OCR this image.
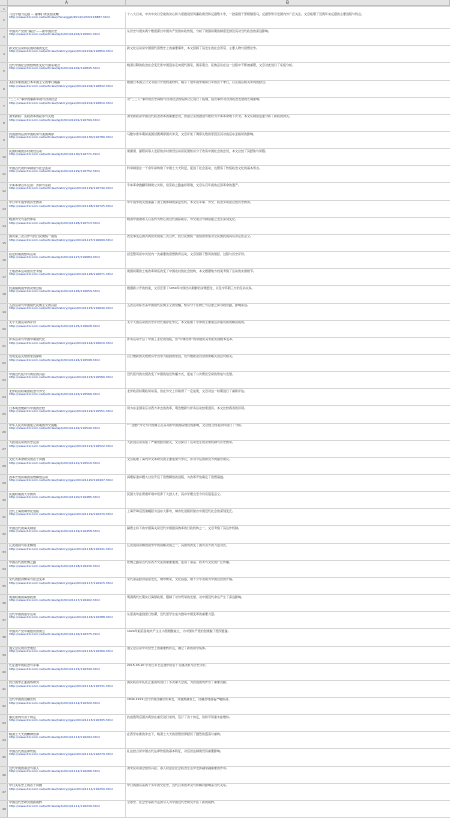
A	B
1
2
3
4
5
6
7
8
9
10
11
12
13
14
15
16
17
18
19
20
21
22
23
24
25
26
27
28
29
30
31
32
33
34
35
36
37
38
39
40
41
42
43
44
45
46
47
48
习近平强力反腐 — 重拳打老虎拍苍蝇
http://www.21ccom.net/articles/china/ggzl/2014/1203/116887.html
十八大以来，中共中央以空前的决心和力度推进党风廉政建设和反腐败斗争，一批高级干部相继落马，反腐形势引发国内外广泛关注。文章梳理了近两年来反腐的主要进程与特点。
中国共产党的“基因”——新中国历史
http://www.21ccom.net/articles/lsjd/2014/1203/116901.html
从历史与现实两个维度探讨中国共产党的执政传统，分析了建国初期的制度安排及其对当代政治的深远影响。
新文化运动和民国时期的变迁
http://www.21ccom.net/articles/history/zgsx/2014/1202/116850.html
新文化运动是中国现代思想史上的重要事件，本文回顾了其发生的社会背景、主要人物与思想论争。
近代中国社会的结构性变化与国家观念
http://www.21ccom.net/articles/lsjd/2014/1202/116845.html
晚清以降的政治社会变迁使中国逐步走向现代国家，国家观念、民族意识在这一过程中不断被重塑，文章对此进行了系统分析。
邓拉多斯的美日本军国主义的罪行揭露
http://www.21ccom.net/articles/history/zgsx/2014/1202/116832.html
根据日本国立公文书馆公开的档案材料，揭示了侵华战争期间日军的若干罪行，以及战后相关审判的经过。
“二二八”事件的重新审视与台湾社会
http://www.21ccom.net/articles/history/zgsx/2014/1201/116810.html
对“二二八”事件的历史真相与台湾社会的集体记忆进行了梳理，指出事件对台湾政治发展的长期影响。
清末新政：宪政改革的起步与失败
http://www.21ccom.net/articles/lsjd/2014/1201/116799.html
清末新政是中国近代政治改革的重要尝试，预备立宪的推进与挫折为辛亥革命埋下伏笔。本文从制度层面分析了新政的得失。
抗战胜利后的中国政局与美国调停
http://www.21ccom.net/articles/history/zgsx/2014/1130/116780.html
马歇尔使华期间美国试图调停国共冲突，文章评述了调停失败的原因及其对战后东亚格局的影响。
民国时期的乡村建设运动
http://www.21ccom.net/articles/lsjd/2014/1130/116771.html
梁漱溟、晏阳初等人发起的乡村建设运动是民国知识分子改造中国社会的尝试，本文总结了其经验与局限。
中国古代的科举制度与社会流动
http://www.21ccom.net/articles/lsjd/2014/1129/116752.html
科举制度在一千余年间构建了中国士大夫阶层，促进了社会流动，也塑造了传统政治文化的基本形态。
辛亥革命百年反思：共和与宪政
http://www.21ccom.net/articles/history/zgsx/2014/1129/116740.html
辛亥革命推翻帝制建立共和，但宪政之路曲折艰难，文章从百年视角反思革命的遗产。
中日甲午战争的历史教训
http://www.21ccom.net/articles/history/zgsx/2014/1128/116725.html
甲午战争的失败暴露了清王朝体制的深层危机，本文从军事、外交、政治多角度总结历史教训。
晚清外交与条约体系
http://www.21ccom.net/articles/lsjd/2014/1128/116713.html
晚清中国被卷入以条约为核心的近代国际秩序，外交观念与制度随之发生深刻变化。
国共第二次合作与抗日民族统一战线
http://www.21ccom.net/articles/history/zgsx/2014/1127/116699.html
西安事变后国共两党实现第二次合作，抗日民族统一战线的形成对全民族抗战具有决定性意义。
延安时期的整风运动
http://www.21ccom.net/articles/lsjd/2014/1127/116684.html
延安整风是中共党内一次重要的思想教育运动，文章回顾了整风的缘起、过程与历史评价。
土地改革运动的历史考察
http://www.21ccom.net/articles/history/zgsx/2014/1126/116671.html
建国初期的土地改革彻底改变了中国农村的社会结构，本文根据地方档案考察了运动的实施细节。
抗美援朝战争的决策过程
http://www.21ccom.net/articles/lsjd/2014/1126/116659.html
根据新公开的档案，文章还原了1950年中国出兵朝鲜的决策经过，以及中苏朝三方的互动关系。
五四运动与中国现代民族主义的兴起
http://www.21ccom.net/articles/history/zgsx/2014/1125/116640.html
五四运动标志着中国现代民族主义的觉醒，知识分子在救亡与启蒙之间寻找出路，影响深远。
太平天国运动再评价
http://www.21ccom.net/articles/lsjd/2014/1125/116628.html
太平天国运动的历史评价长期存在争议，本文梳理了学界的主要观点并提出新的解读视角。
洋务运动与中国早期现代化
http://www.21ccom.net/articles/history/zgsx/2014/1124/116610.html
洋务运动开启了中国工业化的进程，但“中体西用”的局限使其未能实现根本变革。
戊戌变法失败的原因探析
http://www.21ccom.net/articles/lsjd/2014/1124/116598.html
百日维新的失败既有守旧势力阻挠的原因，也与维新派自身的策略失误密切相关。
中国近代报刊与舆论的兴起
http://www.21ccom.net/articles/history/zgsx/2014/1123/116580.html
近代报刊的出现改变了中国的信息传播方式，促成了公共舆论空间的形成与发展。
北洋政府时期的政治与外交
http://www.21ccom.net/articles/lsjd/2014/1123/116566.html
北洋政府时期政局动荡，但在外交上仍取得了一定成果，文章对这一时期进行了重新评估。
日本明治维新与中国的比较
http://www.21ccom.net/articles/history/zgsx/2014/1122/116551.html
同为东亚国家应对西方冲击的改革，明治维新与洋务运动结果迥异，本文比较两者的异同。
中华人民共和国成立初期的外交战略
http://www.21ccom.net/articles/lsjd/2014/1122/116540.html
“一边倒”外交方针的确立及其对新中国国际地位的影响，文章结合档案资料进行了分析。
大跃进运动的历史反思
http://www.21ccom.net/articles/history/zgsx/2014/1121/116522.html
大跃进运动造成了严重的经济损失，文章探讨了运动发生的决策机制与历史教训。
文化大革命研究的若干问题
http://www.21ccom.net/articles/lsjd/2014/1121/116510.html
文章梳理了海内外文革研究的主要成果与争议，并对今后的研究方向提出建议。
改革开放初期的思想解放运动
http://www.21ccom.net/articles/history/zgsx/2014/1120/116497.html
真理标准问题大讨论开启了思想解放的进程，为改革开放奠定了思想基础。
民国时期的大学教育
http://www.21ccom.net/articles/lsjd/2014/1120/116485.html
民国大学在艰难环境中培养了大批人才，其办学理念至今仍有借鉴意义。
近代上海的城市化进程
http://www.21ccom.net/articles/history/zgsx/2014/1119/116470.html
上海开埠后迅速崛起为远东大都市，城市化进程折射出中国近代社会的深刻变迁。
中国近代的海关制度
http://www.21ccom.net/articles/lsjd/2014/1119/116458.html
赫德主持下的中国海关是近代中国最具效率的行政机构之一，文章考察了其运作机制。
辽沈战役与东北解放
http://www.21ccom.net/articles/history/zgsx/2014/1118/116441.html
辽沈战役是解放战争中的战略决战之一，其胜利改变了国共双方的力量对比。
中国古代的丝绸之路
http://www.21ccom.net/articles/lsjd/2014/1118/116430.html
丝绸之路是古代东西方交流的重要通道，促进了商品、技术与文化的广泛传播。
宋代的经济繁荣与社会变革
http://www.21ccom.net/articles/history/zgsx/2014/1117/116415.html
宋代商品经济高度发达，城市繁荣，文化昌盛，被不少学者视为中国近世的开端。
明清时期的海禁政策
http://www.21ccom.net/articles/lsjd/2014/1117/116402.html
明清两代长期实行海禁政策，限制了对外贸易的发展，对中国近代命运产生了深远影响。
近代中国的留学运动
http://www.21ccom.net/articles/history/zgsx/2014/1116/116388.html
从留美幼童到留日热潮，近代留学生成为推动中国变革的重要力量。
中国共产党早期组织的建立
http://www.21ccom.net/articles/lsjd/2014/1116/116375.html
1920年前后各地共产主义小组相继成立，为中国共产党的创建做了组织准备。
遵义会议的历史地位
http://www.21ccom.net/articles/history/zgsx/2014/1115/116360.html
遵义会议是中共党史上的重要转折点，确立了新的领导集体。
长征途中的政治与军事
http://www.21ccom.net/articles/lsjd/2014/1115/116349.html
2015-03-20 中央红军长征途中的若干关键决策与历史评价。
抗日战争正面战场研究
http://www.21ccom.net/articles/history/zgsx/2014/1114/116331.html
国民政府军队在正面战场进行了多次重大会战，为抗战胜利作出了重要贡献。
近代中国的边疆危机
http://www.21ccom.net/articles/lsjd/2014/1114/116320.html
1840-1919 近代中国边疆危机频发，列强觊觎领土，边疆治理面临严峻挑战。
重庆谈判与双十协定
http://www.21ccom.net/articles/history/zgsx/2014/1113/116305.html
抗战胜利后国共两党在重庆进行谈判，签订了双十协定，但和平局面未能维持。
晚清士大夫的精神世界
http://www.21ccom.net/articles/lsjd/2014/1113/116294.html
在西学东渐的冲击下，晚清士大夫的思想世界经历了剧烈的震荡与重构。
中国古代的法律传统
http://www.21ccom.net/articles/history/zgsx/2014/1112/116279.html
礼法结合是中国古代法律传统的基本特征，对后世法制建设有重要影响。
近代中国的商会与商人
http://www.21ccom.net/articles/lsjd/2014/1112/116266.html
清末民初商会组织兴起，商人阶层在社会政治生活中发挥越来越重要的作用。
中日关系史上的若干问题
http://www.21ccom.net/articles/history/zgsx/2014/1111/116250.html
中日两国有着两千多年的交往史，近代以来的冲突与和解仍影响着当代关系。
中国近代史研究的新视野
http://www.21ccom.net/articles/lsjd/2014/1111/116239.html
全球史、社会史等新方法的引入为中国近代史研究开拓了新的视野。
